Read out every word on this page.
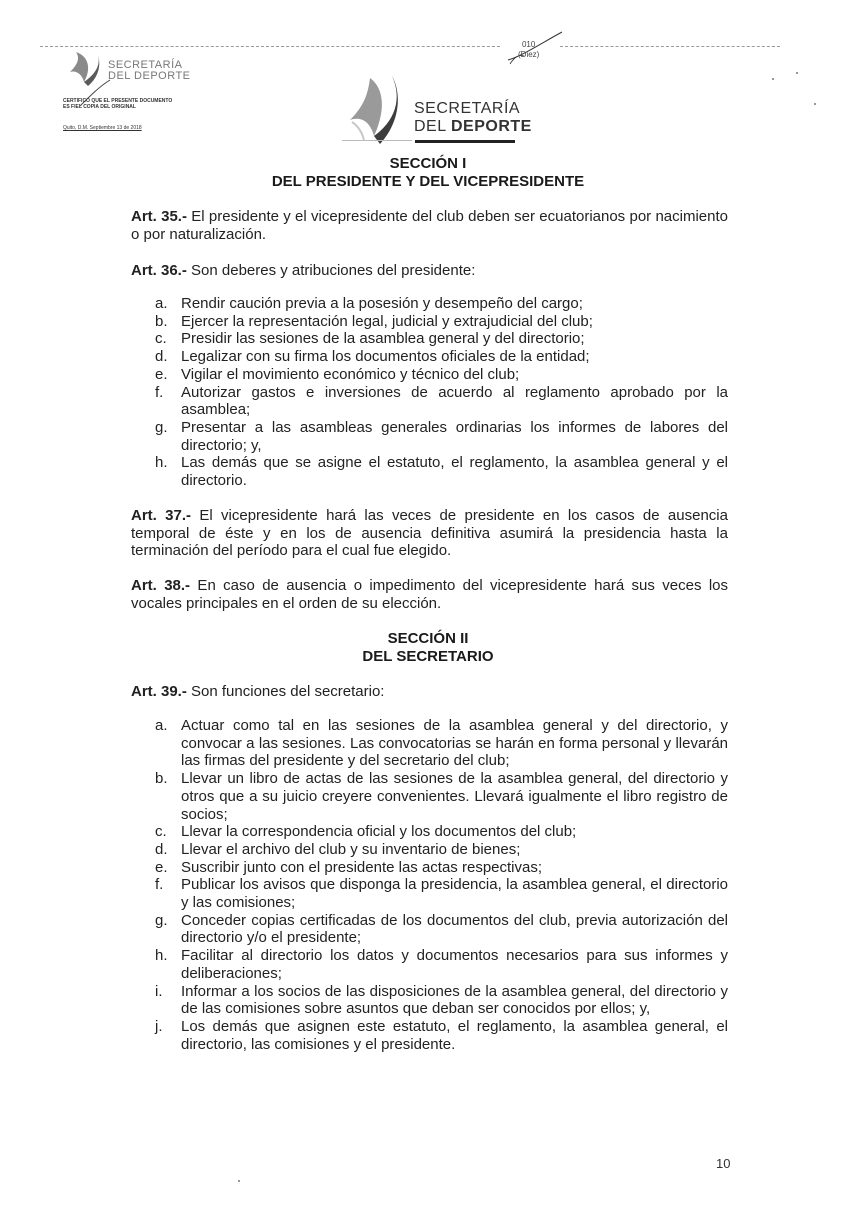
SECRETARÍA
DEL DEPORTE
CERTIFICO QUE EL PRESENTE DOCUMENTO ES FIEL COPIA DEL ORIGINAL
Quito, D.M. Septiembre 13 de 2018
010
(Diez)
SECRETARÍA
DEL DEPORTE
SECCIÓN I
DEL PRESIDENTE Y DEL VICEPRESIDENTE
Art. 35.- El presidente y el vicepresidente del club deben ser ecuatorianos por nacimiento o por naturalización.
Art. 36.- Son deberes y atribuciones del presidente:
a. Rendir caución previa a la posesión y desempeño del cargo;
b. Ejercer la representación legal, judicial y extrajudicial del club;
c. Presidir las sesiones de la asamblea general y del directorio;
d. Legalizar con su firma los documentos oficiales de la entidad;
e. Vigilar el movimiento económico y técnico del club;
f. Autorizar gastos e inversiones de acuerdo al reglamento aprobado por la asamblea;
g. Presentar a las asambleas generales ordinarias los informes de labores del directorio; y,
h. Las demás que se asigne el estatuto, el reglamento, la asamblea general y el directorio.
Art. 37.- El vicepresidente hará las veces de presidente en los casos de ausencia temporal de éste y en los de ausencia definitiva asumirá la presidencia hasta la terminación del período para el cual fue elegido.
Art. 38.- En caso de ausencia o impedimento del vicepresidente hará sus veces los vocales principales en el orden de su elección.
SECCIÓN II
DEL SECRETARIO
Art. 39.- Son funciones del secretario:
a. Actuar como tal en las sesiones de la asamblea general y del directorio, y convocar a las sesiones. Las convocatorias se harán en forma personal y llevarán las firmas del presidente y del secretario del club;
b. Llevar un libro de actas de las sesiones de la asamblea general, del directorio y otros que a su juicio creyere convenientes. Llevará igualmente el libro registro de socios;
c. Llevar la correspondencia oficial y los documentos del club;
d. Llevar el archivo del club y su inventario de bienes;
e. Suscribir junto con el presidente las actas respectivas;
f. Publicar los avisos que disponga la presidencia, la asamblea general, el directorio y las comisiones;
g. Conceder copias certificadas de los documentos del club, previa autorización del directorio y/o el presidente;
h. Facilitar al directorio los datos y documentos necesarios para sus informes y deliberaciones;
i. Informar a los socios de las disposiciones de la asamblea general, del directorio y de las comisiones sobre asuntos que deban ser conocidos por ellos; y,
j. Los demás que asignen este estatuto, el reglamento, la asamblea general, el directorio, las comisiones y el presidente.
10
